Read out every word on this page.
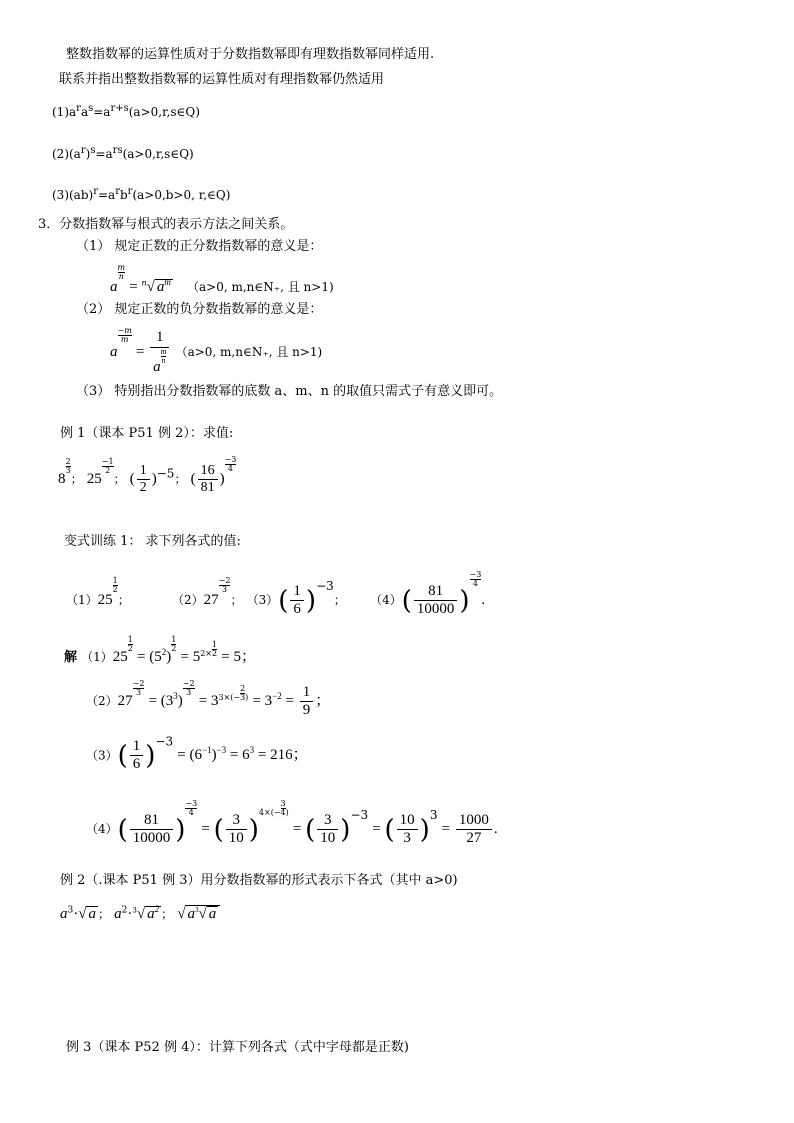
整数指数幂的运算性质对于分数指数幂即有理数指数幂同样适用.
联系并指出整数指数幂的运算性质对有理指数幂仍然适用
$(1)a^ra^s=a^{r+s}(a>0,r,s\in Q)$
$(2)(a^r)^s=a^{rs}(a>0,r,s\in Q)$
$(3)(ab)^r=a^rb^r(a>0,b>0$, r,∈Q)
3．分数指数幂与根式的表示方法之间关系。
（1） 规定正数的正分数指数幂的意义是：
a
$\frac{m}{n}$
= $^n$√ $a^m$ （a>0, m,n∈N₊, 且 n>1)
（2） 规定正数的负分数指数幂的意义是：
a
$\frac{-m}{m}$
= 1
a
$\frac{m}{n} (a>0$, m,n∈N₊, 且 n>1)
（3） 特别指出分数指数幂的底数 a、m、n 的取值只需式子有意义即可。
例 1（课本 P51 例 2）：求值:
8
$\frac{2}{3}$
； 25
$\frac{-1}{2}$
； ( $\frac{1}{2} )^{-5}$； ( $\frac{16}{81}$ )
$\frac{-3}{4}$
变式训练 1： 求下列各式的值:
（1）25
$\frac{1}{2}$
；	（2）27
$\frac{-2}{3}$
； $(3)( \frac{1}{6} )^{-3}$； $(4)( \frac{81}{10000}$ )
$\frac{-3}{4}$
.
解 （1）25
$\frac{1}{2}$
= $(5^2)$
$\frac{1}{2}$
= $5^{2\times \frac{1}{2}} = 5$；
（2）27
$\frac{-2}{3}$
= $(3^3)$
$\frac{-2}{3}$
= $3^{3\times(- \frac{2}{3} )} = 3^{-2} = \frac{1}{9}$ ；
$(3)( \frac{1}{6} )^{-3} = (6^{-1})^{-3} = 6^3 = 216$；
$(4)( \frac{81}{10000}$ )
$\frac{-3}{4}$
= ( $\frac{3}{10} )^{4\times(- \frac{3}{4} )}$ = ( $\frac{3}{10} )^{-3}$ = ( $\frac{10}{3} )^3 = \frac{1000}{27}$ .
例 2（.课本 P51 例 3）用分数指数幂的形式表示下各式（其中 a>0)
$a^3\cdot√$ a ； $a^2\cdot^3√$ $a^2$ ； √ $a^3√$ a
例 3（课本 P52 例 4）：计算下列各式（式中字母都是正数)
